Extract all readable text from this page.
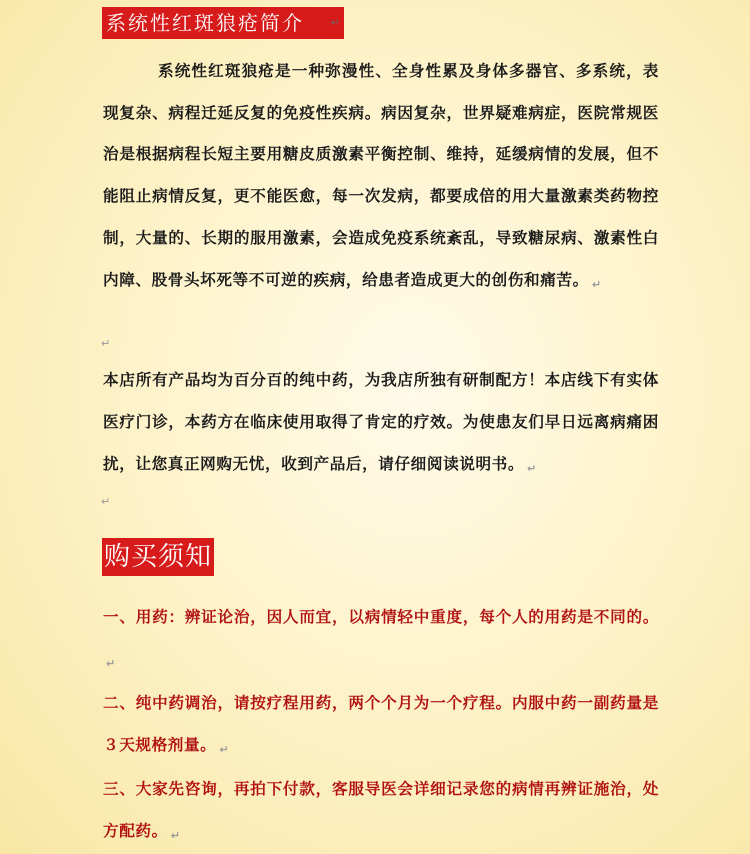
系统性红斑狼疮简介 ↵

系统性红斑狼疮是一种弥漫性、全身性累及身体多器官、多系统，表现复杂、病程迁延反复的免疫性疾病。病因复杂，世界疑难病症，医院常规医治是根据病程长短主要用糖皮质激素平衡控制、维持，延缓病情的发展，但不能阻止病情反复，更不能医愈，每一次发病，都要成倍的用大量激素类药物控制，大量的、长期的服用激素，会造成免疫系统紊乱，导致糖尿病、激素性白内障、股骨头坏死等不可逆的疾病，给患者造成更大的创伤和痛苦。 ↵

↵

本店所有产品均为百分百的纯中药，为我店所独有研制配方！本店线下有实体医疗门诊，本药方在临床使用取得了肯定的疗效。为使患友们早日远离病痛困扰，让您真正网购无忧，收到产品后，请仔细阅读说明书。 ↵

↵
购买须知
一、用药：辨证论治，因人而宜，以病情轻中重度，每个人的用药是不同的。↵
二、纯中药调治，请按疗程用药，两个个月为一个疗程。内服中药一副药量是３天规格剂量。 ↵
三、大家先咨询，再拍下付款，客服导医会详细记录您的病情再辨证施治，处方配药。 ↵
